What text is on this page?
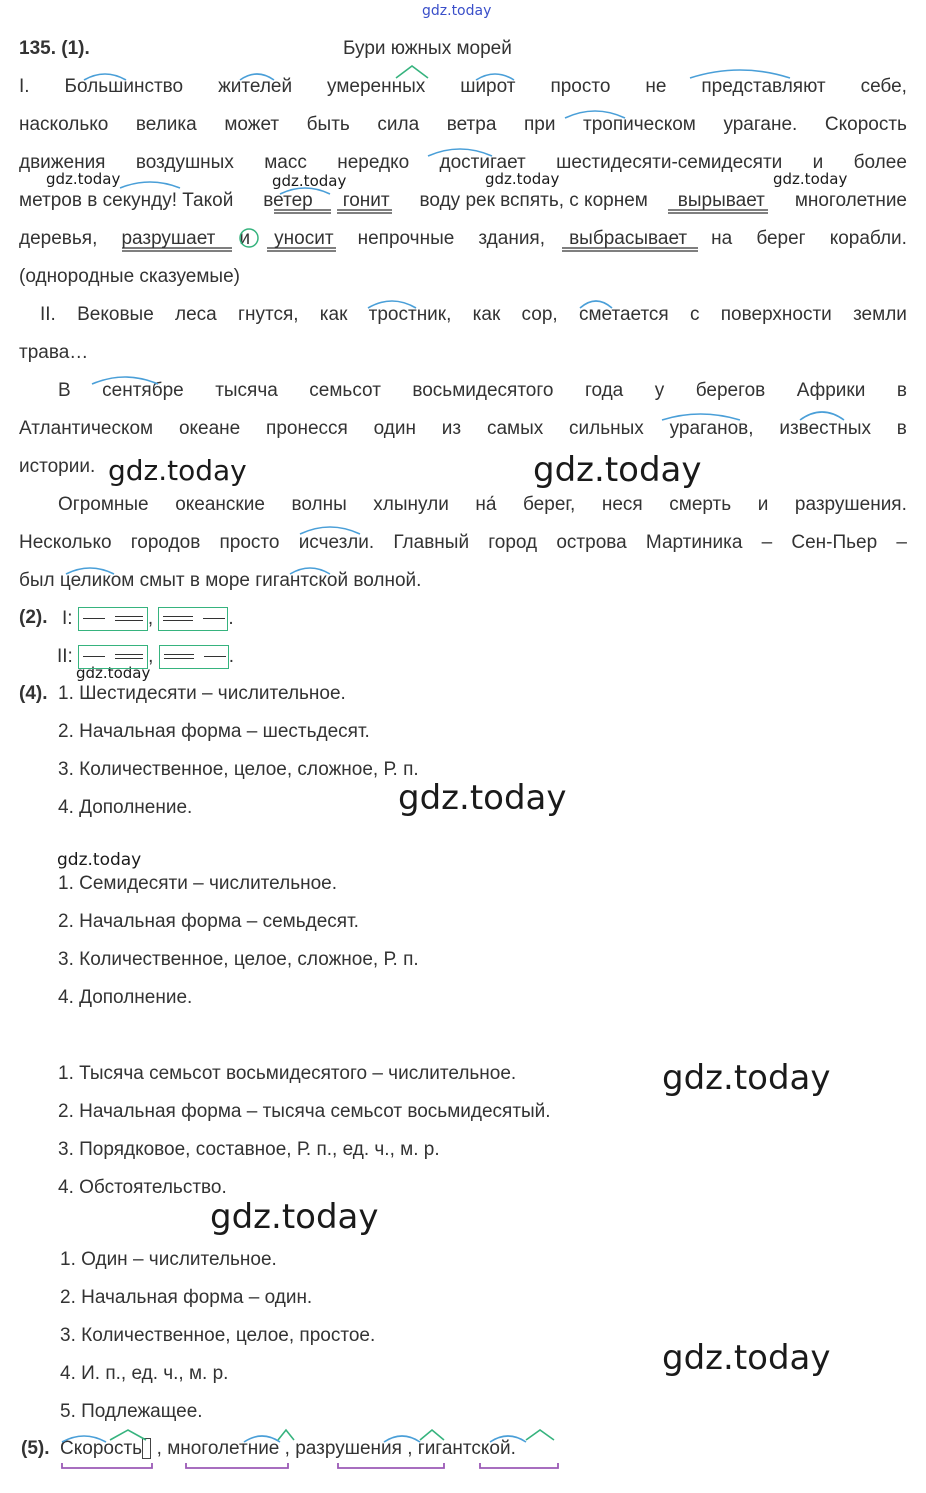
gdz.today
gdz.today	gdz.today	gdz.today	gdz.today
gdz.today	gdz.today
gdz.today
gdz.today
gdz.today
gdz.today
gdz.today
gdz.today
135. (1).	Бури южных морей
I. Большинство жителей умеренных широт просто не представляют себе,
насколько велика может быть сила ветра при тропическом урагане. Скорость
движения воздушных масс нередко достигает шестидесяти-семидесяти и более
метров в секунду! Такой ветер гонит воду рек вспять, с корнем вырывает многолетние
деревья, разрушает и уносит непрочные здания, выбрасывает на берег корабли.
(однородные сказуемые)
II. Вековые леса гнутся, как тростник, как сор, сметается с поверхности земли
трава…
В сентябре тысяча семьсот восьмидесятого года у берегов Африки в
Атлантическом океане пронесся один из самых сильных ураганов, известных в
истории.
Огромные океанские волны хлынули на́ берег, неся смерть и разрушения.
Несколько городов просто исчезли. Главный город острова Мартиника – Сен-Пьер –
был целиком смыт в море гигантской волной.
(2). I:	,	.
II:	,	.
(4). 1. Шестидесяти – числительное.
2. Начальная форма – шестьдесят.
3. Количественное, целое, сложное, Р. п.
4. Дополнение.
1. Семидесяти – числительное.
2. Начальная форма – семьдесят.
3. Количественное, целое, сложное, Р. п.
4. Дополнение.
1. Тысяча семьсот восьмидесятого – числительное.
2. Начальная форма – тысяча семьсот восьмидесятый.
3. Порядковое, составное, Р. п., ед. ч., м. р.
4. Обстоятельство.
1. Один – числительное.
2. Начальная форма – один.
3. Количественное, целое, простое.
4. И. п., ед. ч., м. р.
5. Подлежащее.
(5). Скорость ​  , многолетние , разрушения , гигантской.
